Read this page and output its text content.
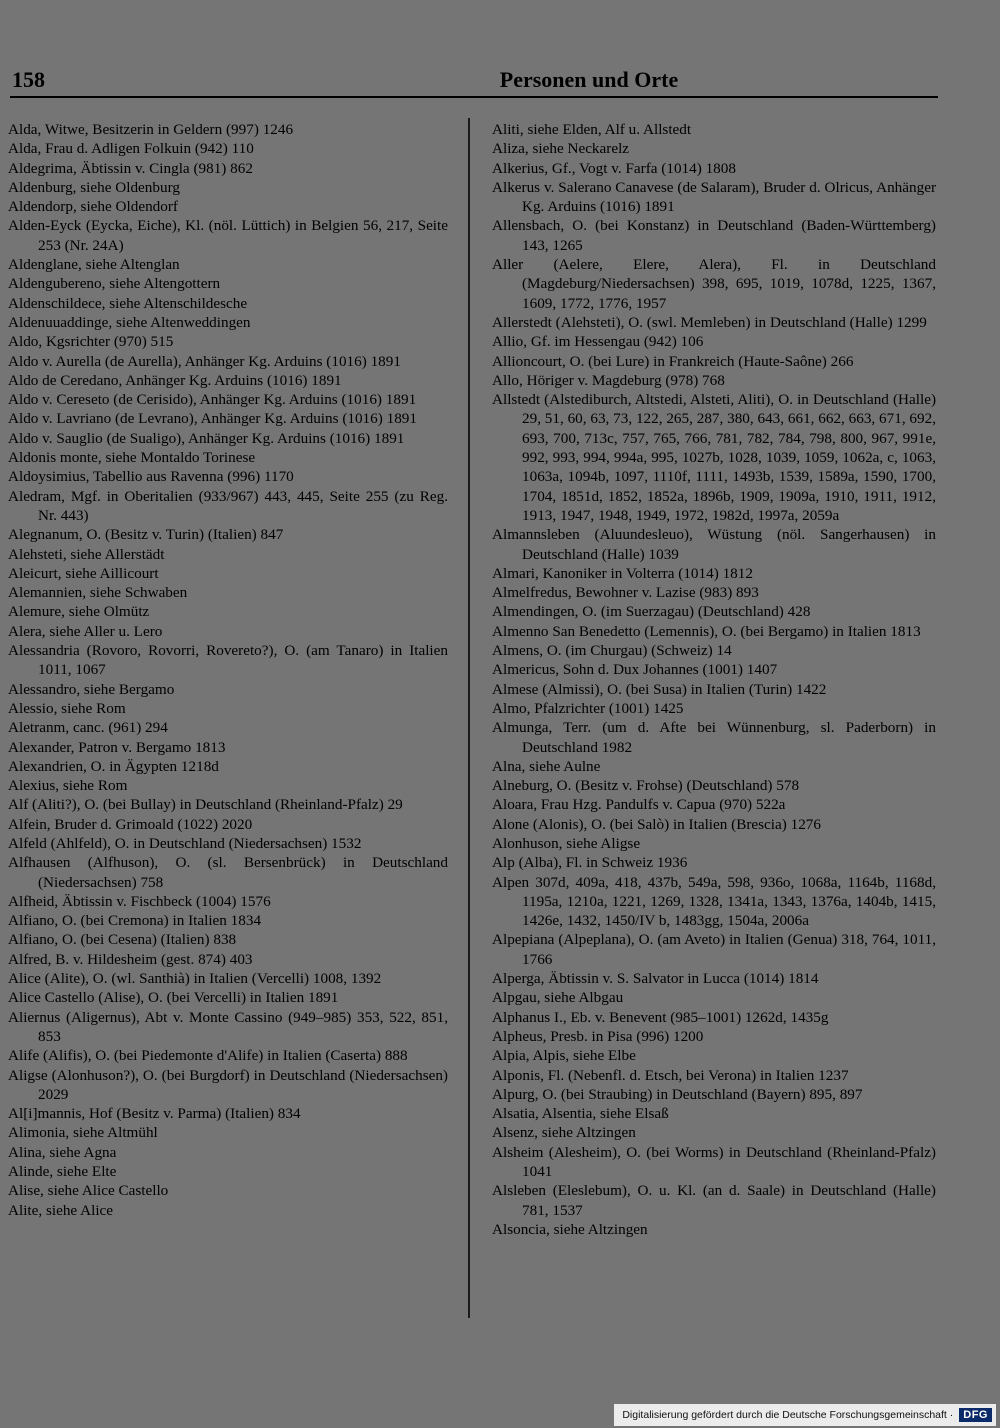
158	Personen und Orte

Alda, Witwe, Besitzerin in Geldern (997) 1246

Alda, Frau d. Adligen Folkuin (942) 110

Aldegrima, Äbtissin v. Cingla (981) 862

Aldenburg, siehe Oldenburg

Aldendorp, siehe Oldendorf

Alden-Eyck (Eycka, Eiche), Kl. (nöl. Lüttich) in Belgien 56, 217, Seite 253 (Nr. 24A)

Aldenglane, siehe Altenglan

Aldengubereno, siehe Altengottern

Aldenschildece, siehe Altenschildesche

Aldenuuaddinge, siehe Altenweddingen

Aldo, Kgsrichter (970) 515

Aldo v. Aurella (de Aurella), Anhänger Kg. Arduins (1016) 1891

Aldo de Ceredano, Anhänger Kg. Arduins (1016) 1891

Aldo v. Cereseto (de Cerisido), Anhänger Kg. Arduins (1016) 1891

Aldo v. Lavriano (de Levrano), Anhänger Kg. Arduins (1016) 1891

Aldo v. Sauglio (de Sualigo), Anhänger Kg. Arduins (1016) 1891

Aldonis monte, siehe Montaldo Torinese

Aldoysimius, Tabellio aus Ravenna (996) 1170

Aledram, Mgf. in Oberitalien (933/967) 443, 445, Seite 255 (zu Reg. Nr. 443)

Alegnanum, O. (Besitz v. Turin) (Italien) 847

Alehsteti, siehe Allerstädt

Aleicurt, siehe Aillicourt

Alemannien, siehe Schwaben

Alemure, siehe Olmütz

Alera, siehe Aller u. Lero

Alessandria (Rovoro, Rovorri, Rovereto?), O. (am Tanaro) in Italien 1011, 1067

Alessandro, siehe Bergamo

Alessio, siehe Rom

Aletranm, canc. (961) 294

Alexander, Patron v. Bergamo 1813

Alexandrien, O. in Ägypten 1218d

Alexius, siehe Rom

Alf (Aliti?), O. (bei Bullay) in Deutschland (Rheinland-Pfalz) 29

Alfein, Bruder d. Grimoald (1022) 2020

Alfeld (Ahlfeld), O. in Deutschland (Niedersachsen) 1532

Alfhausen (Alfhuson), O. (sl. Bersenbrück) in Deutschland (Niedersachsen) 758

Alfheid, Äbtissin v. Fischbeck (1004) 1576

Alfiano, O. (bei Cremona) in Italien 1834

Alfiano, O. (bei Cesena) (Italien) 838

Alfred, B. v. Hildesheim (gest. 874) 403

Alice (Alite), O. (wl. Santhià) in Italien (Vercelli) 1008, 1392

Alice Castello (Alise), O. (bei Vercelli) in Italien 1891

Aliernus (Aligernus), Abt v. Monte Cassino (949–985) 353, 522, 851, 853

Alife (Alifis), O. (bei Piedemonte d'Alife) in Italien (Caserta) 888

Aligse (Alonhuson?), O. (bei Burgdorf) in Deutschland (Niedersachsen) 2029

Al[i]mannis, Hof (Besitz v. Parma) (Italien) 834

Alimonia, siehe Altmühl

Alina, siehe Agna

Alinde, siehe Elte

Alise, siehe Alice Castello

Alite, siehe Alice

Aliti, siehe Elden, Alf u. Allstedt

Aliza, siehe Neckarelz

Alkerius, Gf., Vogt v. Farfa (1014) 1808

Alkerus v. Salerano Canavese (de Salaram), Bruder d. Olricus, Anhänger Kg. Arduins (1016) 1891

Allensbach, O. (bei Konstanz) in Deutschland (Baden-Württemberg) 143, 1265

Aller (Aelere, Elere, Alera), Fl. in Deutschland (Magdeburg/Niedersachsen) 398, 695, 1019, 1078d, 1225, 1367, 1609, 1772, 1776, 1957

Allerstedt (Alehsteti), O. (swl. Memleben) in Deutschland (Halle) 1299

Allio, Gf. im Hessengau (942) 106

Allioncourt, O. (bei Lure) in Frankreich (Haute-Saône) 266

Allo, Höriger v. Magdeburg (978) 768

Allstedt (Alstediburch, Altstedi, Alsteti, Aliti), O. in Deutschland (Halle) 29, 51, 60, 63, 73, 122, 265, 287, 380, 643, 661, 662, 663, 671, 692, 693, 700, 713c, 757, 765, 766, 781, 782, 784, 798, 800, 967, 991e, 992, 993, 994, 994a, 995, 1027b, 1028, 1039, 1059, 1062a, c, 1063, 1063a, 1094b, 1097, 1110f, 1111, 1493b, 1539, 1589a, 1590, 1700, 1704, 1851d, 1852, 1852a, 1896b, 1909, 1909a, 1910, 1911, 1912, 1913, 1947, 1948, 1949, 1972, 1982d, 1997a, 2059a

Almannsleben (Aluundesleuo), Wüstung (nöl. Sangerhausen) in Deutschland (Halle) 1039

Almari, Kanoniker in Volterra (1014) 1812

Almelfredus, Bewohner v. Lazise (983) 893

Almendingen, O. (im Suerzagau) (Deutschland) 428

Almenno San Benedetto (Lemennis), O. (bei Bergamo) in Italien 1813

Almens, O. (im Churgau) (Schweiz) 14

Almericus, Sohn d. Dux Johannes (1001) 1407

Almese (Almissi), O. (bei Susa) in Italien (Turin) 1422

Almo, Pfalzrichter (1001) 1425

Almunga, Terr. (um d. Afte bei Wünnenburg, sl. Paderborn) in Deutschland 1982

Alna, siehe Aulne

Alneburg, O. (Besitz v. Frohse) (Deutschland) 578

Aloara, Frau Hzg. Pandulfs v. Capua (970) 522a

Alone (Alonis), O. (bei Salò) in Italien (Brescia) 1276

Alonhuson, siehe Aligse

Alp (Alba), Fl. in Schweiz 1936

Alpen 307d, 409a, 418, 437b, 549a, 598, 936o, 1068a, 1164b, 1168d, 1195a, 1210a, 1221, 1269, 1328, 1341a, 1343, 1376a, 1404b, 1415, 1426e, 1432, 1450/IV b, 1483gg, 1504a, 2006a

Alpepiana (Alpeplana), O. (am Aveto) in Italien (Genua) 318, 764, 1011, 1766

Alperga, Äbtissin v. S. Salvator in Lucca (1014) 1814

Alpgau, siehe Albgau

Alphanus I., Eb. v. Benevent (985–1001) 1262d, 1435g

Alpheus, Presb. in Pisa (996) 1200

Alpia, Alpis, siehe Elbe

Alponis, Fl. (Nebenfl. d. Etsch, bei Verona) in Italien 1237

Alpurg, O. (bei Straubing) in Deutschland (Bayern) 895, 897

Alsatia, Alsentia, siehe Elsaß

Alsenz, siehe Altzingen

Alsheim (Alesheim), O. (bei Worms) in Deutschland (Rheinland-Pfalz) 1041

Alsleben (Eleslebum), O. u. Kl. (an d. Saale) in Deutschland (Halle) 781, 1537

Alsoncia, siehe Altzingen

Digitalisierung gefördert durch die Deutsche Forschungsgemeinschaft · DFG
